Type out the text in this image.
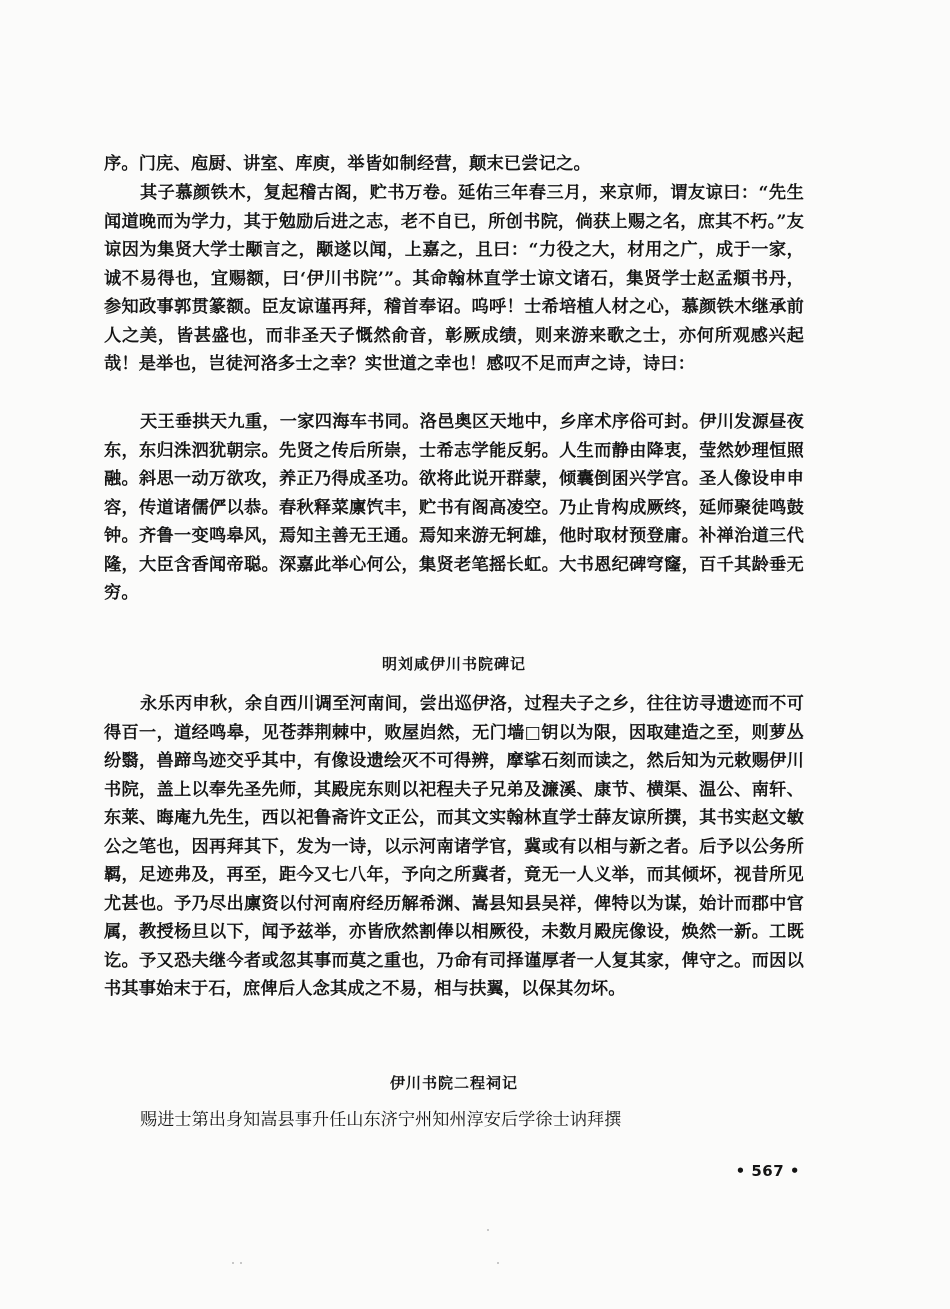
序。门庑、庖厨、讲室、库庾，举皆如制经营，颠末已尝记之。

其子慕颜铁木，复起稽古阁，贮书万卷。延佑三年春三月，来京师，谓友谅曰：“先生闻道晚而为学力，其于勉励后进之志，老不自已，所创书院，倘获上赐之名，庶其不朽。”友谅因为集贤大学士颙言之，颙遂以闻，上嘉之，且曰：“力役之大，材用之广，成于一家，诚不易得也，宜赐额，曰‘伊川书院’”。其命翰林直学士谅文诸石，集贤学士赵孟頫书丹，参知政事郭贯篆额。臣友谅谨再拜，稽首奉诏。呜呼！士希培植人材之心，慕颜铁木继承前人之美，皆甚盛也，而非圣天子慨然俞音，彰厥成绩，则来游来歌之士，亦何所观感兴起哉！是举也，岂徒河洛多士之幸？实世道之幸也！感叹不足而声之诗，诗曰：

天王垂拱天九重，一家四海车书同。洛邑奥区天地中，乡庠术序俗可封。伊川发源昼夜东，东归洙泗犹朝宗。先贤之传后所崇，士希志学能反躬。人生而静由降衷，莹然妙理恒照融。斜思一动万欲攻，养正乃得成圣功。欲将此说开群蒙，倾囊倒囷兴学宫。圣人像设申申容，传道诸儒俨以恭。春秋释菜廪饩丰，贮书有阁高凌空。乃止肯构成厥终，延师聚徒鸣鼓钟。齐鲁一变鸣皋风，焉知主善无王通。焉知来游无轲雄，他时取材预登庸。补禅治道三代隆，大臣含香闻帝聪。深嘉此举心何公，集贤老笔摇长虹。大书恩纪碑穹窿，百千其龄垂无穷。

明刘咸伊川书院碑记

永乐丙申秋，余自西川调至河南间，尝出巡伊洛，过程夫子之乡，往往访寻遗迹而不可得百一，道经鸣皋，见苍莽荆棘中，败屋岿然，无门墙□钥以为限，因取建造之至，则萝丛纷翳，兽蹄鸟迹交乎其中，有像设遗绘灭不可得辨，摩挲石刻而读之，然后知为元敕赐伊川书院，盖上以奉先圣先师，其殿庑东则以祀程夫子兄弟及濂溪、康节、横渠、温公、南轩、东莱、晦庵九先生，西以祀鲁斋许文正公，而其文实翰林直学士薛友谅所撰，其书实赵文敏公之笔也，因再拜其下，发为一诗，以示河南诸学官，冀或有以相与新之者。后予以公务所羁，足迹弗及，再至，距今又七八年，予向之所冀者，竟无一人义举，而其倾坏，视昔所见尤甚也。予乃尽出廪资以付河南府经历解希渊、嵩县知县吴祥，俾特以为谋，始计而郡中官属，教授杨旦以下，闻予兹举，亦皆欣然割俸以相厥役，未数月殿庑像设，焕然一新。工既讫。予又恐夫继今者或忽其事而莫之重也，乃命有司择谨厚者一人复其家，俾守之。而因以书其事始末于石，庶俾后人念其成之不易，相与扶翼，以保其勿坏。

伊川书院二程祠记

赐进士第出身知嵩县事升任山东济宁州知州淳安后学徐士讷拜撰

• 567 •
